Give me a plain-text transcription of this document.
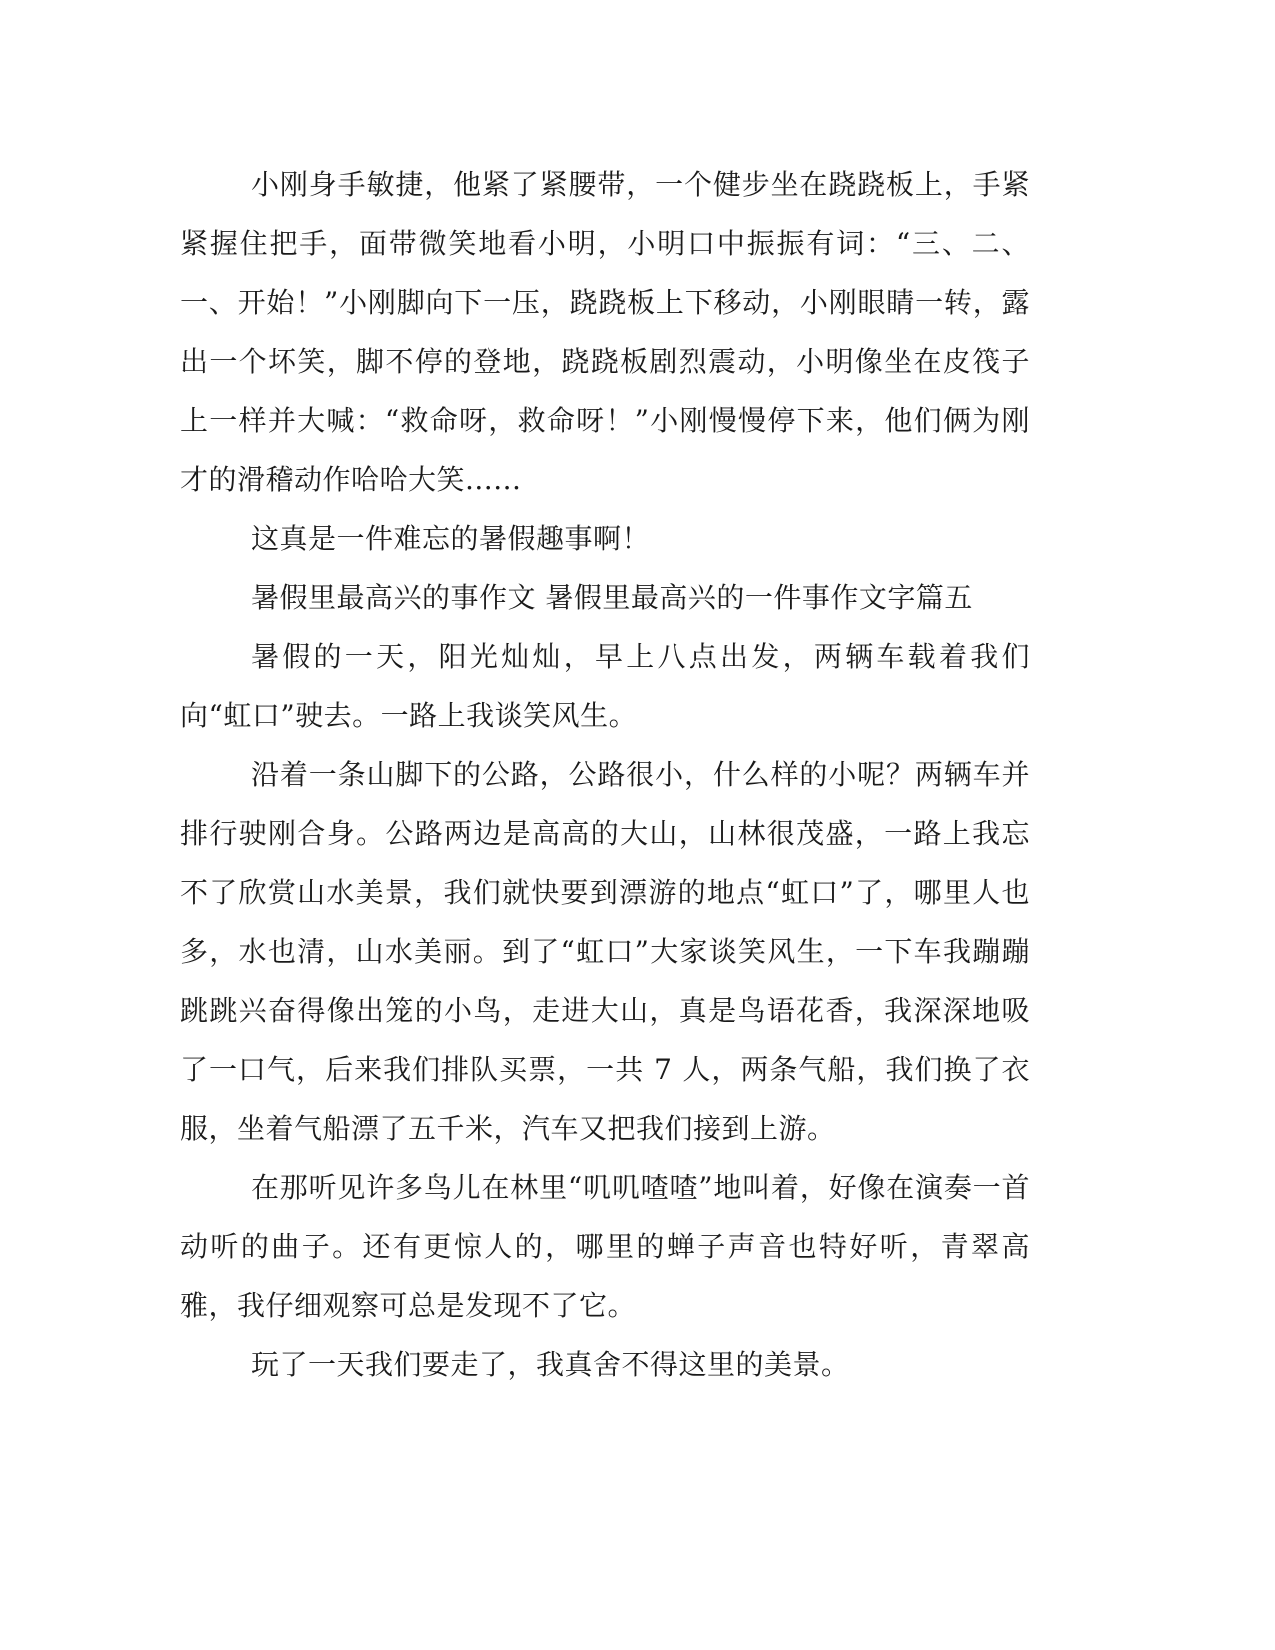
小刚身手敏捷，他紧了紧腰带，一个健步坐在跷跷板上，手紧紧握住把手，面带微笑地看小明，小明口中振振有词：“三、二、一、开始！”小刚脚向下一压，跷跷板上下移动，小刚眼睛一转，露出一个坏笑，脚不停的登地，跷跷板剧烈震动，小明像坐在皮筏子上一样并大喊：“救命呀，救命呀！”小刚慢慢停下来，他们俩为刚才的滑稽动作哈哈大笑......

这真是一件难忘的暑假趣事啊！

暑假里最高兴的事作文 暑假里最高兴的一件事作文字篇五

暑假的一天，阳光灿灿，早上八点出发，两辆车载着我们向“虹口”驶去。一路上我谈笑风生。

沿着一条山脚下的公路，公路很小，什么样的小呢？两辆车并排行驶刚合身。公路两边是高高的大山，山林很茂盛，一路上我忘不了欣赏山水美景，我们就快要到漂游的地点“虹口”了，哪里人也多，水也清，山水美丽。到了“虹口”大家谈笑风生，一下车我蹦蹦跳跳兴奋得像出笼的小鸟，走进大山，真是鸟语花香，我深深地吸了一口气，后来我们排队买票，一共 7 人，两条气船，我们换了衣服，坐着气船漂了五千米，汽车又把我们接到上游。

在那听见许多鸟儿在林里“叽叽喳喳”地叫着，好像在演奏一首动听的曲子。还有更惊人的，哪里的蝉子声音也特好听，青翠高雅，我仔细观察可总是发现不了它。

玩了一天我们要走了，我真舍不得这里的美景。
